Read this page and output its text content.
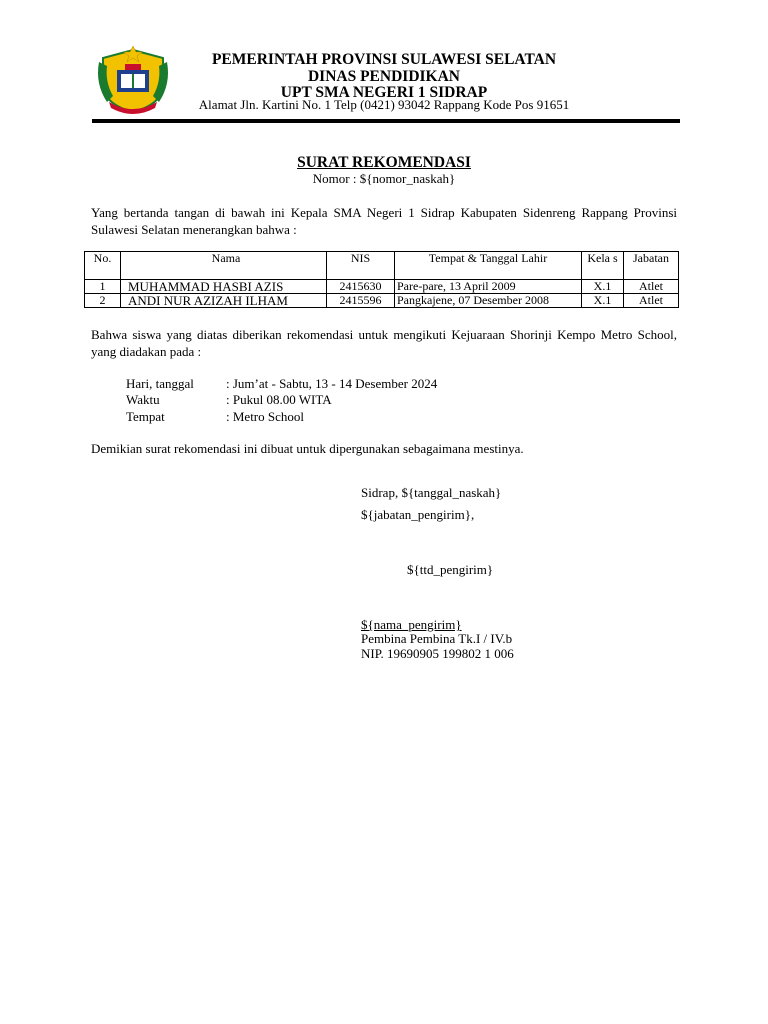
PEMERINTAH PROVINSI SULAWESI SELATAN
DINAS PENDIDIKAN
UPT SMA NEGERI 1 SIDRAP
Alamat Jln. Kartini No. 1 Telp (0421) 93042 Rappang Kode Pos 91651
SURAT REKOMENDASI
Nomor : ${nomor_naskah}
Yang bertanda tangan di bawah ini Kepala SMA Negeri 1 Sidrap Kabupaten Sidenreng Rappang Provinsi Sulawesi Selatan menerangkan bahwa :
No.	Nama	NIS	Tempat & Tanggal Lahir	Kela s	Jabatan
1	MUHAMMAD HASBI AZIS	2415630	Pare-pare, 13 April 2009	X.1	Atlet
2	ANDI NUR AZIZAH ILHAM	2415596	Pangkajene, 07 Desember 2008	X.1	Atlet
Bahwa siswa yang diatas diberikan rekomendasi untuk mengikuti Kejuaraan Shorinji Kempo Metro School, yang diadakan pada :
Hari, tanggal	: Jum’at - Sabtu, 13 - 14 Desember 2024
Waktu	: Pukul 08.00 WITA
Tempat	: Metro School
Demikian surat rekomendasi ini dibuat untuk dipergunakan sebagaimana mestinya.
Sidrap, ${tanggal_naskah}
${jabatan_pengirim},
${ttd_pengirim}
${nama_pengirim}
Pembina Pembina Tk.I / IV.b
NIP. 19690905 199802 1 006
